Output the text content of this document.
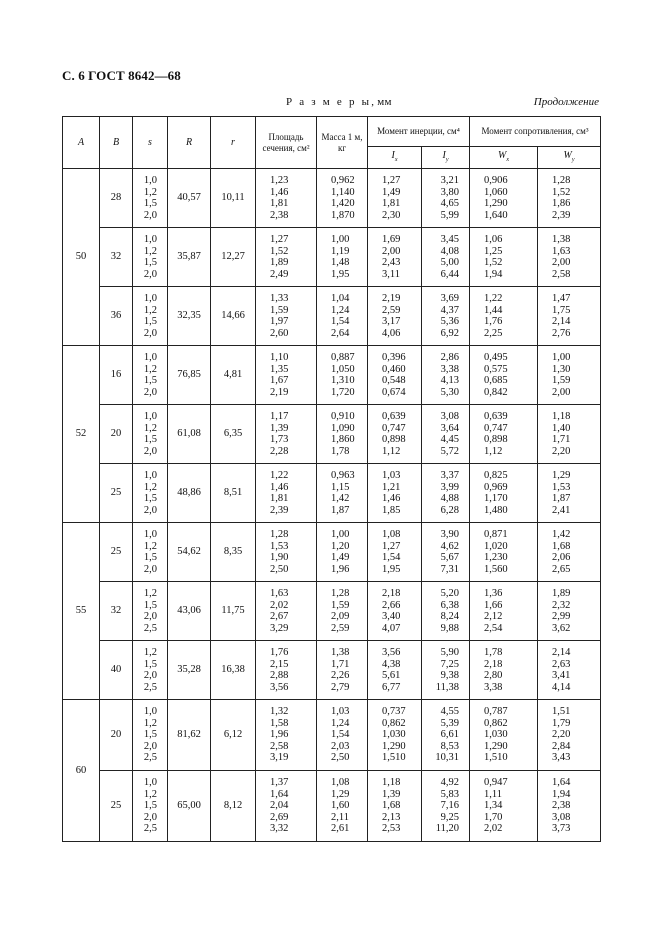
С. 6 ГОСТ 8642—68
Р а з м е р ы, мм	Продолжение
A	B	s	R	r	Площадь сечения, см²	Масса 1 м, кг	Момент инерции, см⁴		Момент сопротивления, см³	
							$I_x$	$I_y$	$W_x$	$W_y$
50	28	1,0
1,2
1,5
2,0	40,57	10,11	1,23
1,46
1,81
2,38	0,962
1,140
1,420
1,870	1,27
1,49
1,81
2,30	3,21
3,80
4,65
5,99	0,906
1,060
1,290
1,640	1,28
1,52
1,86
2,39
	32	1,0
1,2
1,5
2,0	35,87	12,27	1,27
1,52
1,89
2,49	1,00
1,19
1,48
1,95	1,69
2,00
2,43
3,11	3,45
4,08
5,00
6,44	1,06
1,25
1,52
1,94	1,38
1,63
2,00
2,58
	36	1,0
1,2
1,5
2,0	32,35	14,66	1,33
1,59
1,97
2,60	1,04
1,24
1,54
2,64	2,19
2,59
3,17
4,06	3,69
4,37
5,36
6,92	1,22
1,44
1,76
2,25	1,47
1,75
2,14
2,76
52	16	1,0
1,2
1,5
2,0	76,85	4,81	1,10
1,35
1,67
2,19	0,887
1,050
1,310
1,720	0,396
0,460
0,548
0,674	2,86
3,38
4,13
5,30	0,495
0,575
0,685
0,842	1,00
1,30
1,59
2,00
	20	1,0
1,2
1,5
2,0	61,08	6,35	1,17
1,39
1,73
2,28	0,910
1,090
1,860
1,78	0,639
0,747
0,898
1,12	3,08
3,64
4,45
5,72	0,639
0,747
0,898
1,12	1,18
1,40
1,71
2,20
	25	1,0
1,2
1,5
2,0	48,86	8,51	1,22
1,46
1,81
2,39	0,963
1,15
1,42
1,87	1,03
1,21
1,46
1,85	3,37
3,99
4,88
6,28	0,825
0,969
1,170
1,480	1,29
1,53
1,87
2,41
55	25	1,0
1,2
1,5
2,0	54,62	8,35	1,28
1,53
1,90
2,50	1,00
1,20
1,49
1,96	1,08
1,27
1,54
1,95	3,90
4,62
5,67
7,31	0,871
1,020
1,230
1,560	1,42
1,68
2,06
2,65
	32	1,2
1,5
2,0
2,5	43,06	11,75	1,63
2,02
2,67
3,29	1,28
1,59
2,09
2,59	2,18
2,66
3,40
4,07	5,20
6,38
8,24
9,88	1,36
1,66
2,12
2,54	1,89
2,32
2,99
3,62
	40	1,2
1,5
2,0
2,5	35,28	16,38	1,76
2,15
2,88
3,56	1,38
1,71
2,26
2,79	3,56
4,38
5,61
6,77	5,90
7,25
9,38
11,38	1,78
2,18
2,80
3,38	2,14
2,63
3,41
4,14
60	20	1,0
1,2
1,5
2,0
2,5	81,62	6,12	1,32
1,58
1,96
2,58
3,19	1,03
1,24
1,54
2,03
2,50	0,737
0,862
1,030
1,290
1,510	4,55
5,39
6,61
8,53
10,31	0,787
0,862
1,030
1,290
1,510	1,51
1,79
2,20
2,84
3,43
	25	1,0
1,2
1,5
2,0
2,5	65,00	8,12	1,37
1,64
2,04
2,69
3,32	1,08
1,29
1,60
2,11
2,61	1,18
1,39
1,68
2,13
2,53	4,92
5,83
7,16
9,25
11,20	0,947
1,11
1,34
1,70
2,02	1,64
1,94
2,38
3,08
3,73
